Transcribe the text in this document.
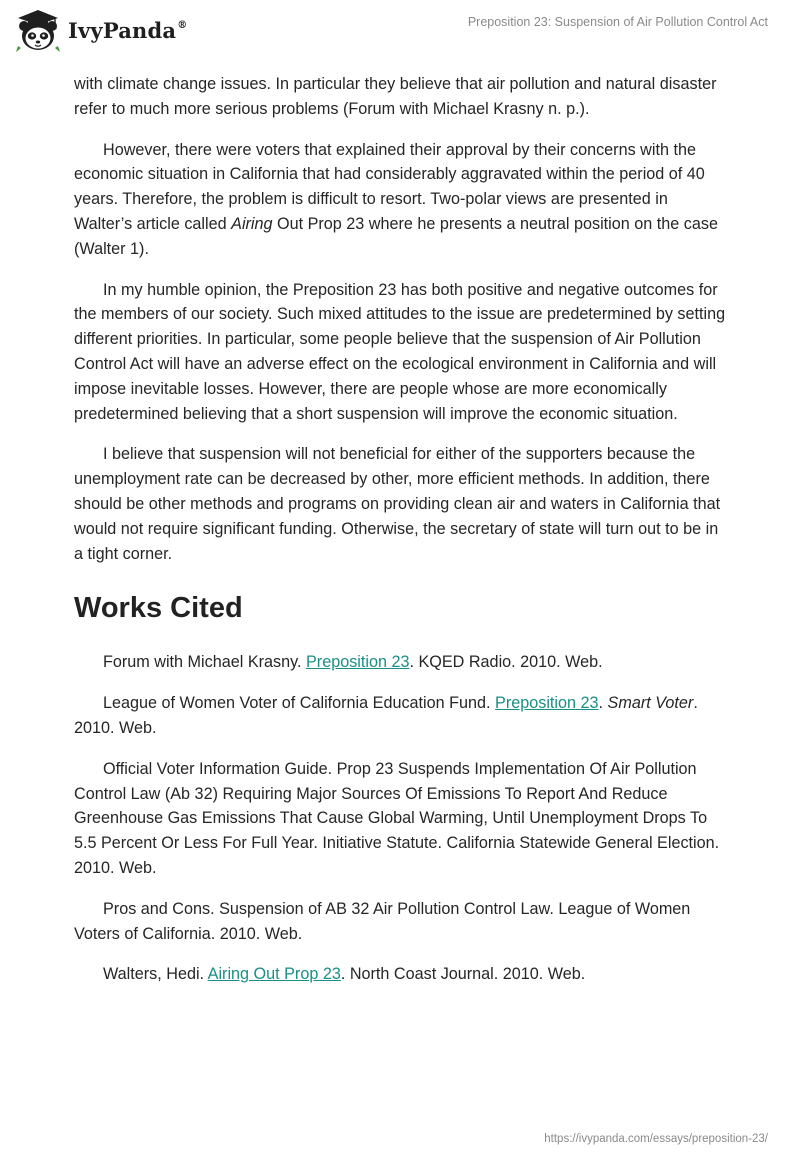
IvyPanda®	Preposition 23: Suspension of Air Pollution Control Act

with climate change issues. In particular they believe that air pollution and natural disaster refer to much more serious problems (Forum with Michael Krasny n. p.).

However, there were voters that explained their approval by their concerns with the economic situation in California that had considerably aggravated within the period of 40 years. Therefore, the problem is difficult to resort. Two-polar views are presented in Walter’s article called Airing Out Prop 23 where he presents a neutral position on the case (Walter 1).

In my humble opinion, the Preposition 23 has both positive and negative outcomes for the members of our society. Such mixed attitudes to the issue are predetermined by setting different priorities. In particular, some people believe that the suspension of Air Pollution Control Act will have an adverse effect on the ecological environment in California and will impose inevitable losses. However, there are people whose are more economically predetermined believing that a short suspension will improve the economic situation.

I believe that suspension will not beneficial for either of the supporters because the unemployment rate can be decreased by other, more efficient methods. In addition, there should be other methods and programs on providing clean air and waters in California that would not require significant funding. Otherwise, the secretary of state will turn out to be in a tight corner.

Works Cited

Forum with Michael Krasny. Preposition 23. KQED Radio. 2010. Web.

League of Women Voter of California Education Fund. Preposition 23. Smart Voter. 2010. Web.

Official Voter Information Guide. Prop 23 Suspends Implementation Of Air Pollution Control Law (Ab 32) Requiring Major Sources Of Emissions To Report And Reduce Greenhouse Gas Emissions That Cause Global Warming, Until Unemployment Drops To 5.5 Percent Or Less For Full Year. Initiative Statute. California Statewide General Election. 2010. Web.

Pros and Cons. Suspension of AB 32 Air Pollution Control Law. League of Women Voters of California. 2010. Web.

Walters, Hedi. Airing Out Prop 23. North Coast Journal. 2010. Web.

https://ivypanda.com/essays/preposition-23/
